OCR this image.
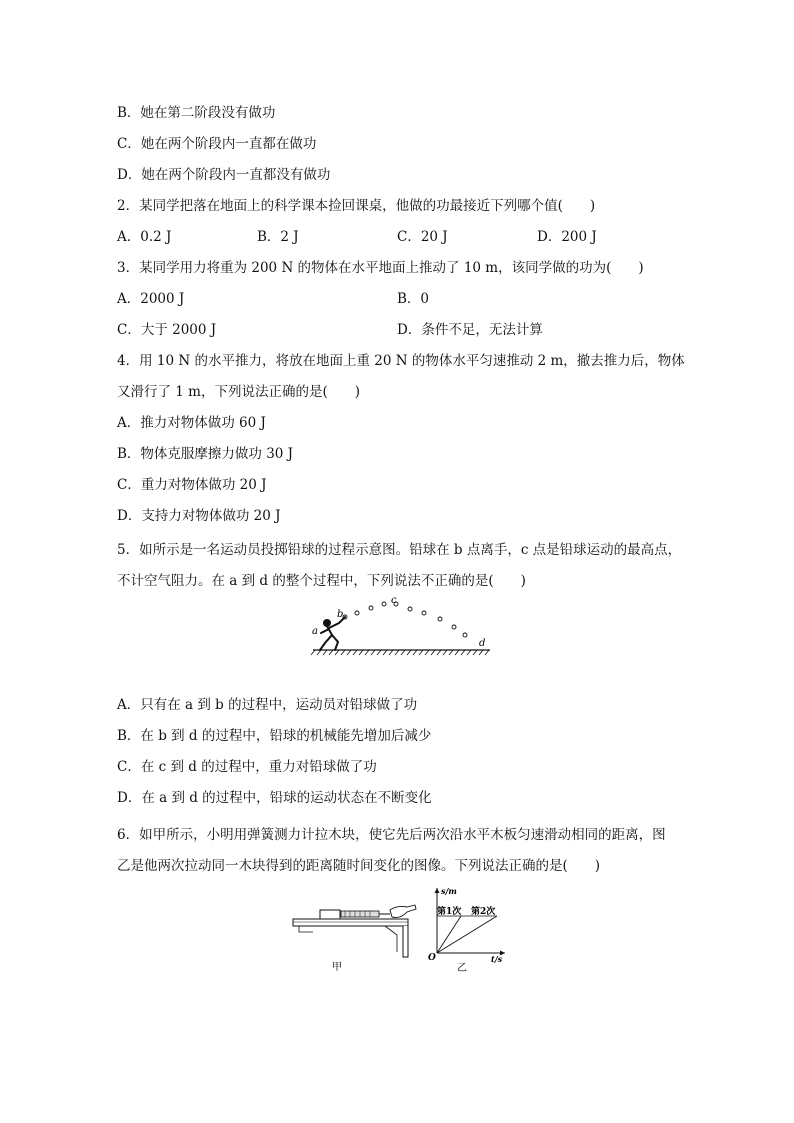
B．她在第二阶段没有做功
C．她在两个阶段内一直都在做功
D．她在两个阶段内一直都没有做功
2．某同学把落在地面上的科学课本捡回课桌，他做的功最接近下列哪个值(　　)
A．0.2 J	B．2 J	C．20 J	D．200 J
3．某同学用力将重为 200 N 的物体在水平地面上推动了 10 m，该同学做的功为(　　)
A．2000 J	B．0
C．大于 2000 J	D．条件不足，无法计算
4．用 10 N 的水平推力，将放在地面上重 20 N 的物体水平匀速推动 2 m，撤去推力后，物体
又滑行了 1 m，下列说法正确的是(　　)
A．推力对物体做功 60 J
B．物体克服摩擦力做功 30 J
C．重力对物体做功 20 J
D．支持力对物体做功 20 J
5．如所示是一名运动员投掷铅球的过程示意图。铅球在 b 点离手，c 点是铅球运动的最高点，
不计空气阻力。在 a 到 d 的整个过程中，下列说法不正确的是(　　)
a
b
c
d
A．只有在 a 到 b 的过程中，运动员对铅球做了功
B．在 b 到 d 的过程中，铅球的机械能先增加后减少
C．在 c 到 d 的过程中，重力对铅球做了功
D．在 a 到 d 的过程中，铅球的运动状态在不断变化
6．如甲所示，小明用弹簧测力计拉木块，使它先后两次沿水平木板匀速滑动相同的距离，图
乙是他两次拉动同一木块得到的距离随时间变化的图像。下列说法正确的是(　　)
甲
s/m
t/s
O
第1次 第2次
乙
